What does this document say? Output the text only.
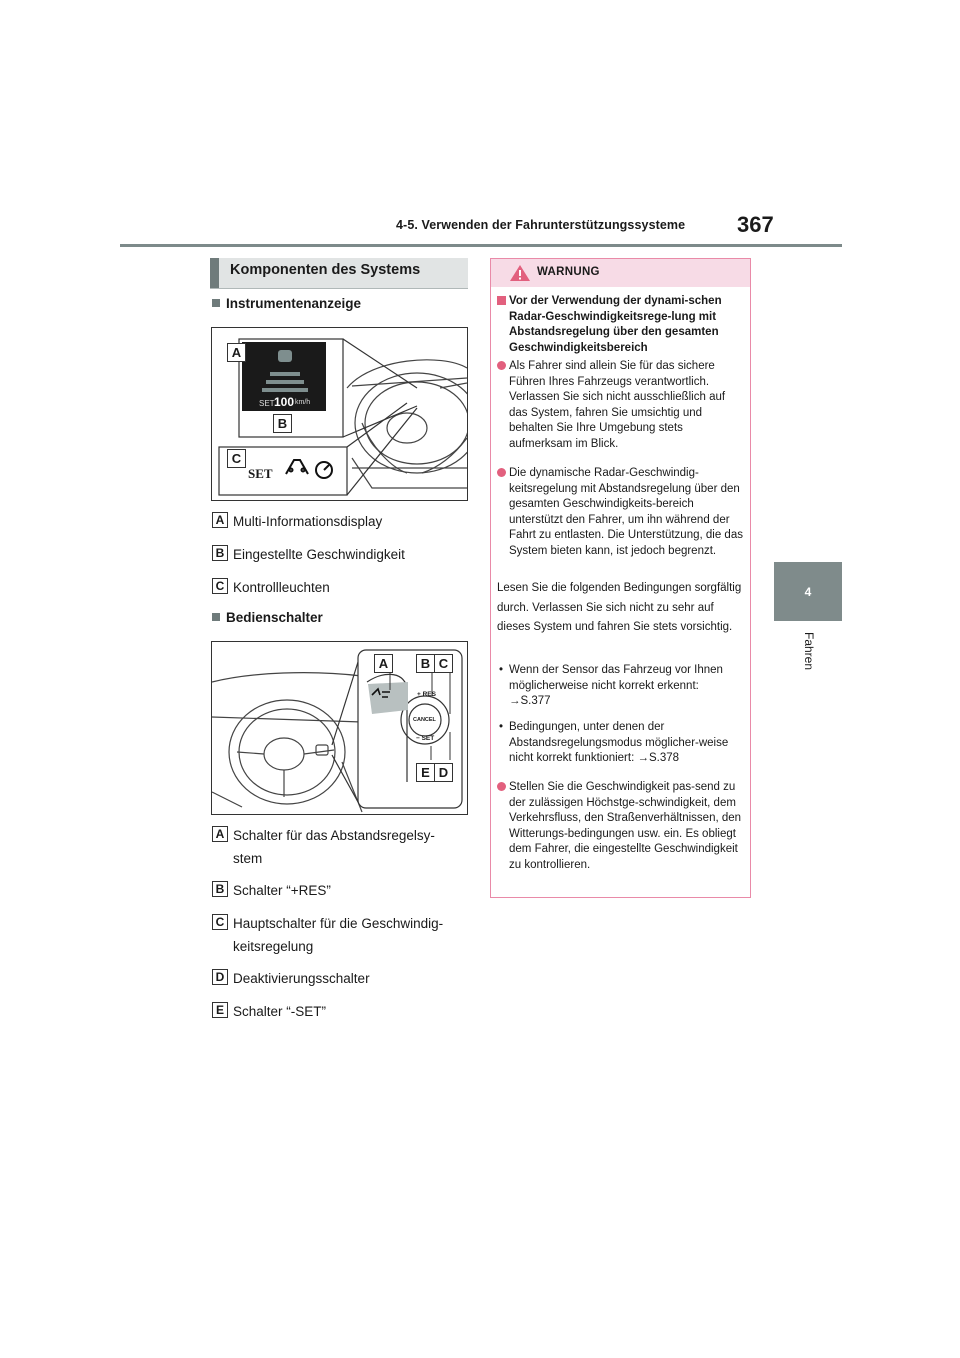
4-5. Verwenden der Fahrunterstützungssysteme 367
4
Fahren
Komponenten des Systems
Instrumentenanzeige
SET 100 km/h
SET
A
B
C
A Multi-Informationsdisplay
B Eingestellte Geschwindigkeit
C Kontrollleuchten
Bedienschalter
+ RES
CANCEL
− SET
A	B C
E D
A Schalter für das Abstandsregelsy-
stem
B Schalter “+RES”
C Hauptschalter für die Geschwindig-
keitsregelung
D Deaktivierungsschalter
E Schalter “-SET”
WARNUNG
Vor der Verwendung der dynami-schen Radar-Geschwindigkeitsrege-lung mit Abstandsregelung über den gesamten Geschwindigkeitsbereich
Als Fahrer sind allein Sie für das sichere Führen Ihres Fahrzeugs verantwortlich. Verlassen Sie sich nicht ausschließlich auf das System, fahren Sie umsichtig und behalten Sie Ihre Umgebung stets aufmerksam im Blick.
Die dynamische Radar-Geschwindig-keitsregelung mit Abstandsregelung über den gesamten Geschwindigkeits-bereich unterstützt den Fahrer, um ihn während der Fahrt zu entlasten. Die Unterstützung, die das System bieten kann, ist jedoch begrenzt.
Lesen Sie die folgenden Bedingungen sorgfältig durch. Verlassen Sie sich nicht zu sehr auf dieses System und fahren Sie stets vorsichtig.
• Wenn der Sensor das Fahrzeug vor Ihnen möglicherweise nicht korrekt erkennt: →S.377
• Bedingungen, unter denen der Abstandsregelungsmodus möglicher-weise nicht korrekt funktioniert: →S.378
Stellen Sie die Geschwindigkeit pas-send zu der zulässigen Höchstge-schwindigkeit, dem Verkehrsfluss, den Straßenverhältnissen, den Witterungs-bedingungen usw. ein. Es obliegt dem Fahrer, die eingestellte Geschwindigkeit zu kontrollieren.
